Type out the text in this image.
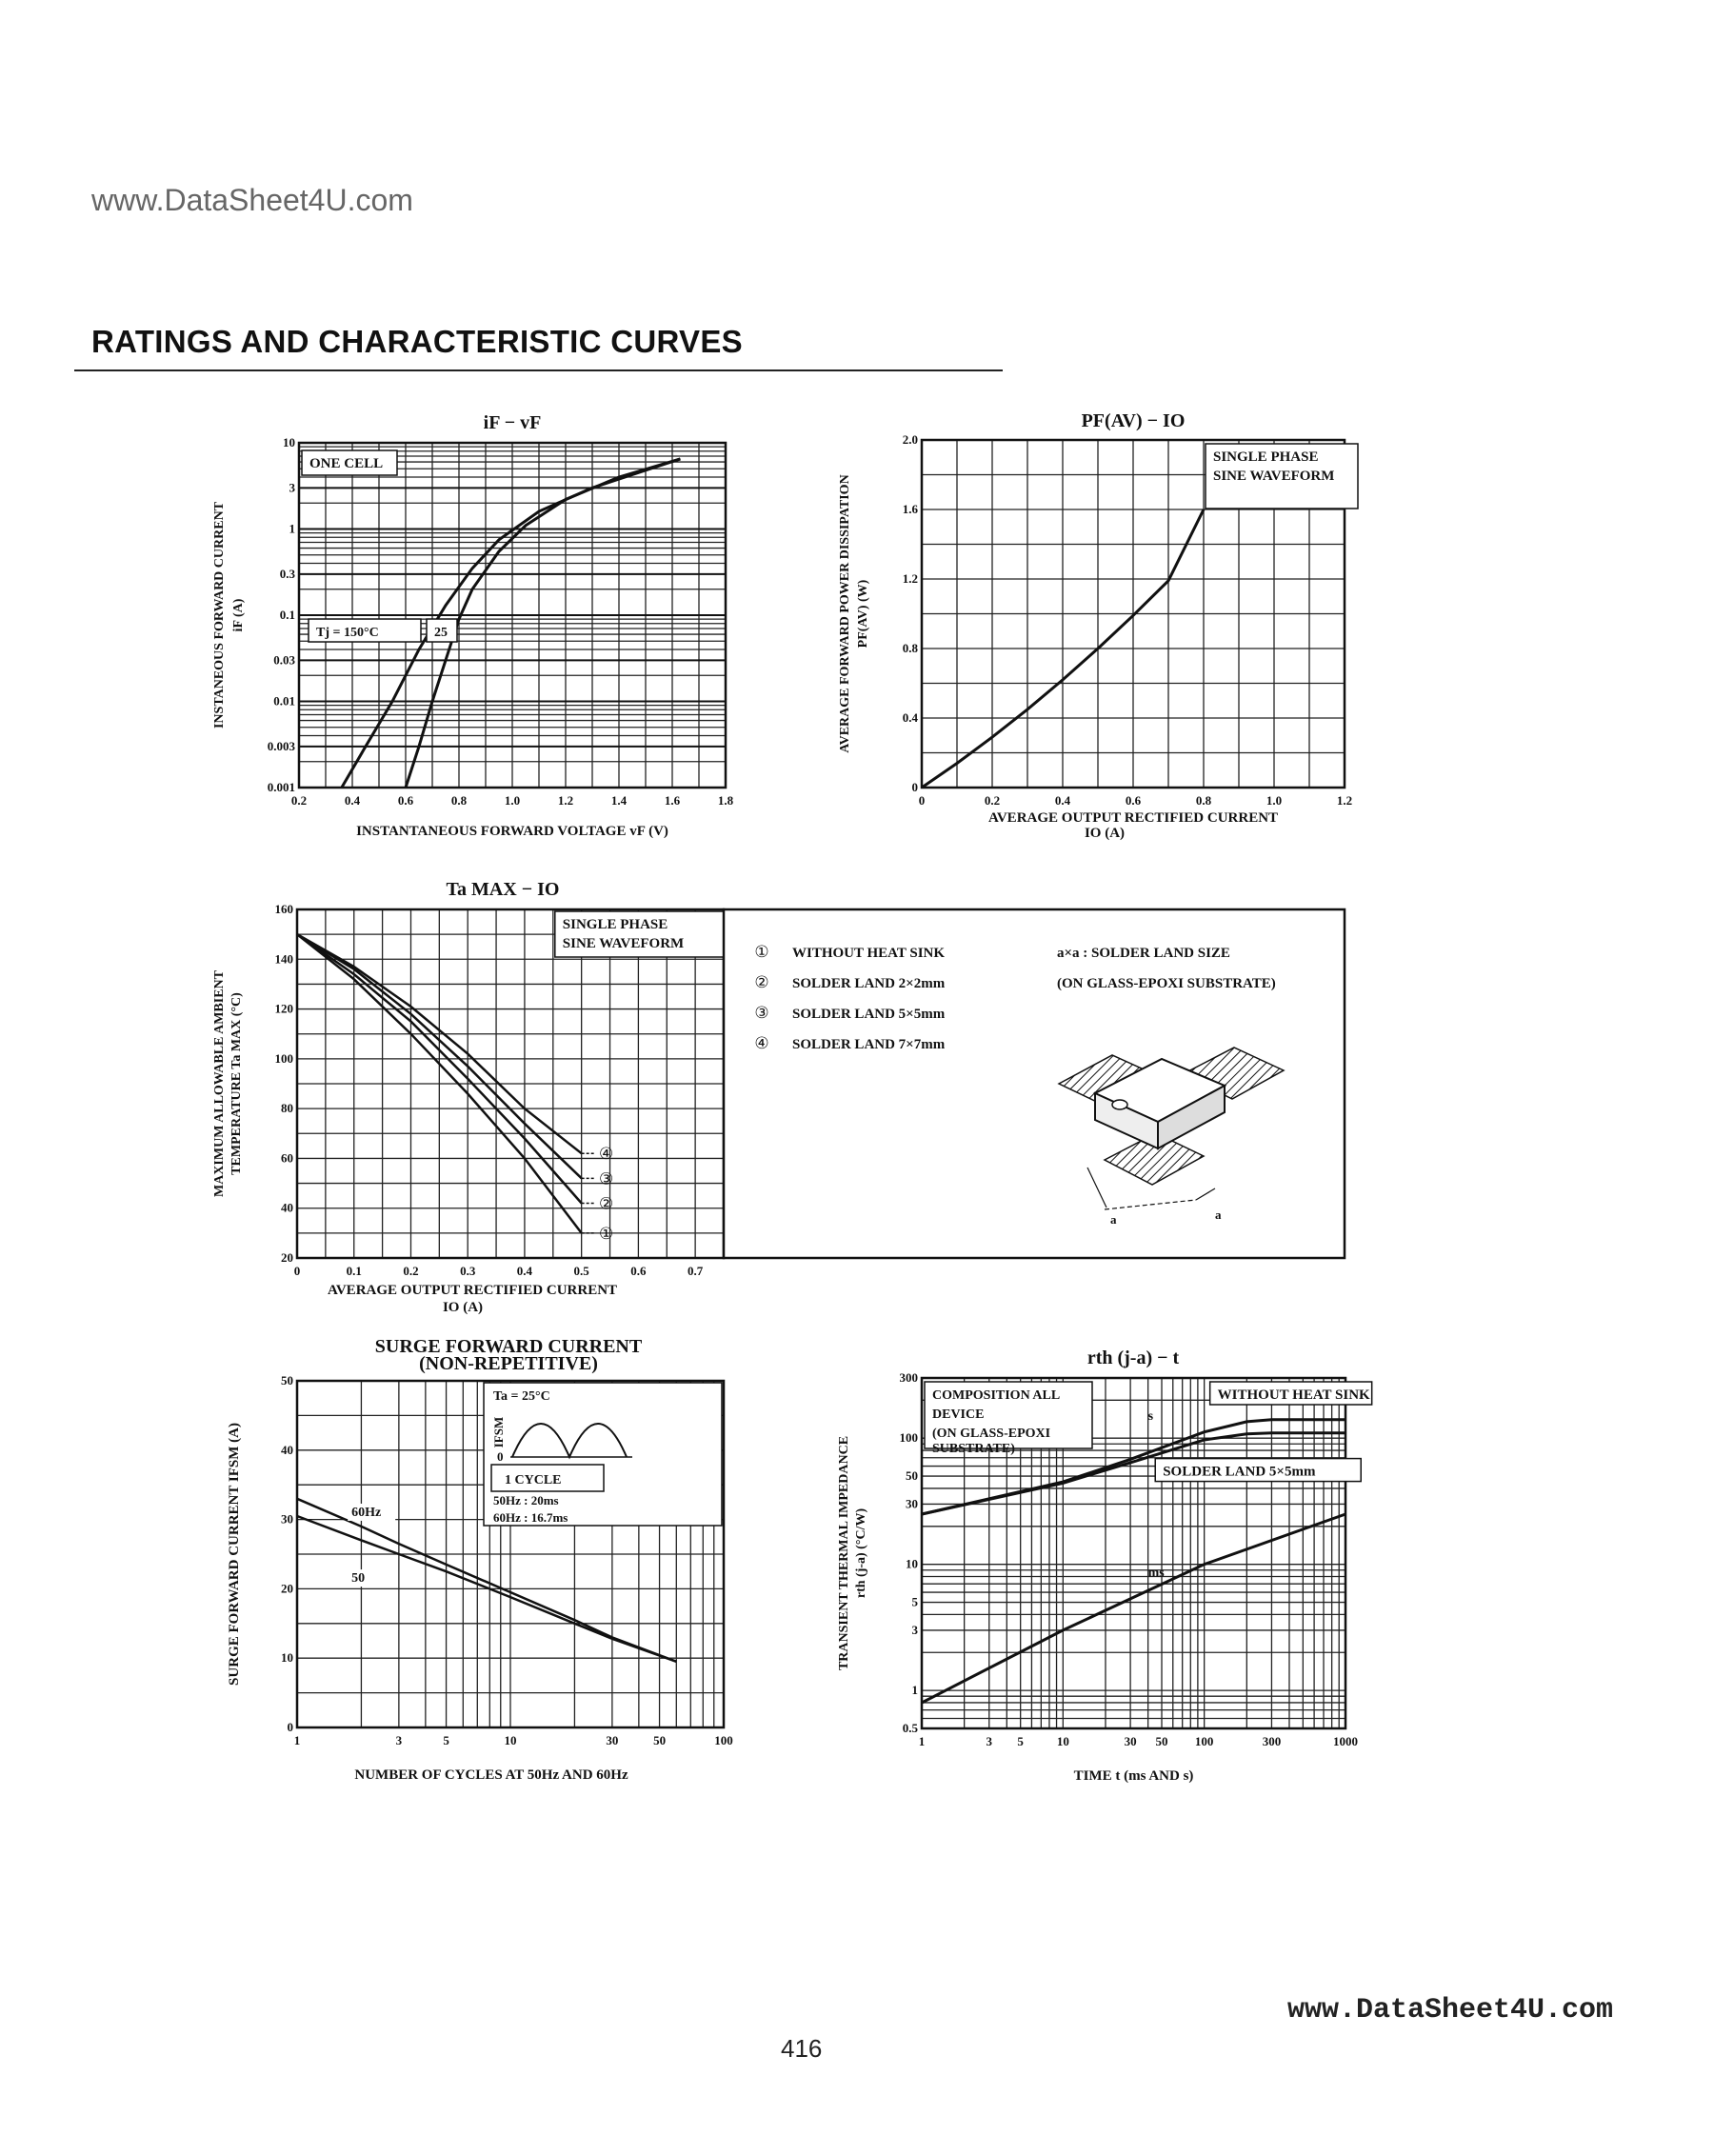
www.DataSheet4U.com
RATINGS AND CHARACTERISTIC CURVES
0.2	0.4	0.6	0.8	1.0	1.2	1.4	1.6	1.8
0.001
0.003
0.01
0.03
0.1
0.3
1
3
10
iF − vF
ONE CELL
Tj = 150°C	25
INSTANTANEOUS FORWARD VOLTAGE vF (V)
INSTANEOUS FORWARD CURRENT iF (A)
0	0.2	0.4	0.6	0.8	1.0	1.2
0
0.4
0.8
1.2
1.6
2.0
SINGLE PHASE
SINE WAVEFORM
PF(AV) − IO
AVERAGE OUTPUT RECTIFIED CURRENT
IO (A)
AVERAGE FORWARD POWER DISSIPATION PF(AV) (W)
0	0.1	0.2	0.3	0.4	0.5	0.6	0.7
20
40
60
80
100
120
140
160
SINGLE PHASE
SINE WAVEFORM
①
②
③
④
Ta MAX − IO
AVERAGE OUTPUT RECTIFIED CURRENT
IO (A)
MAXIMUM ALLOWABLE AMBIENT TEMPERATURE Ta MAX (°C)
① WITHOUT HEAT SINK
② SOLDER LAND 2×2mm
③ SOLDER LAND 5×5mm
④ SOLDER LAND 7×7mm
a×a : SOLDER LAND SIZE
(ON GLASS-EPOXI SUBSTRATE)
a	a
1	3	5	10	30	50	100
0
10
20
30
40
50
Ta = 25°C
IFSM
0
1 CYCLE
50Hz : 20ms
60Hz : 16.7ms
60Hz
50
SURGE FORWARD CURRENT
(NON-REPETITIVE)
NUMBER OF CYCLES AT 50Hz AND 60Hz
SURGE FORWARD CURRENT IFSM (A)
1	3 5	10	30 50 100	300	1000
0.5
1
3
5
10
30
50
100
300
COMPOSITION ALL
DEVICE
(ON GLASS-EPOXI
SUBSTRATE)
WITHOUT HEAT SINK
SOLDER LAND 5×5mm
s
ms
rth (j-a) − t
TIME t (ms AND s)
TRANSIENT THERMAL IMPEDANCE rth (j-a) (°C/W)
www.DataSheet4U.com
416
